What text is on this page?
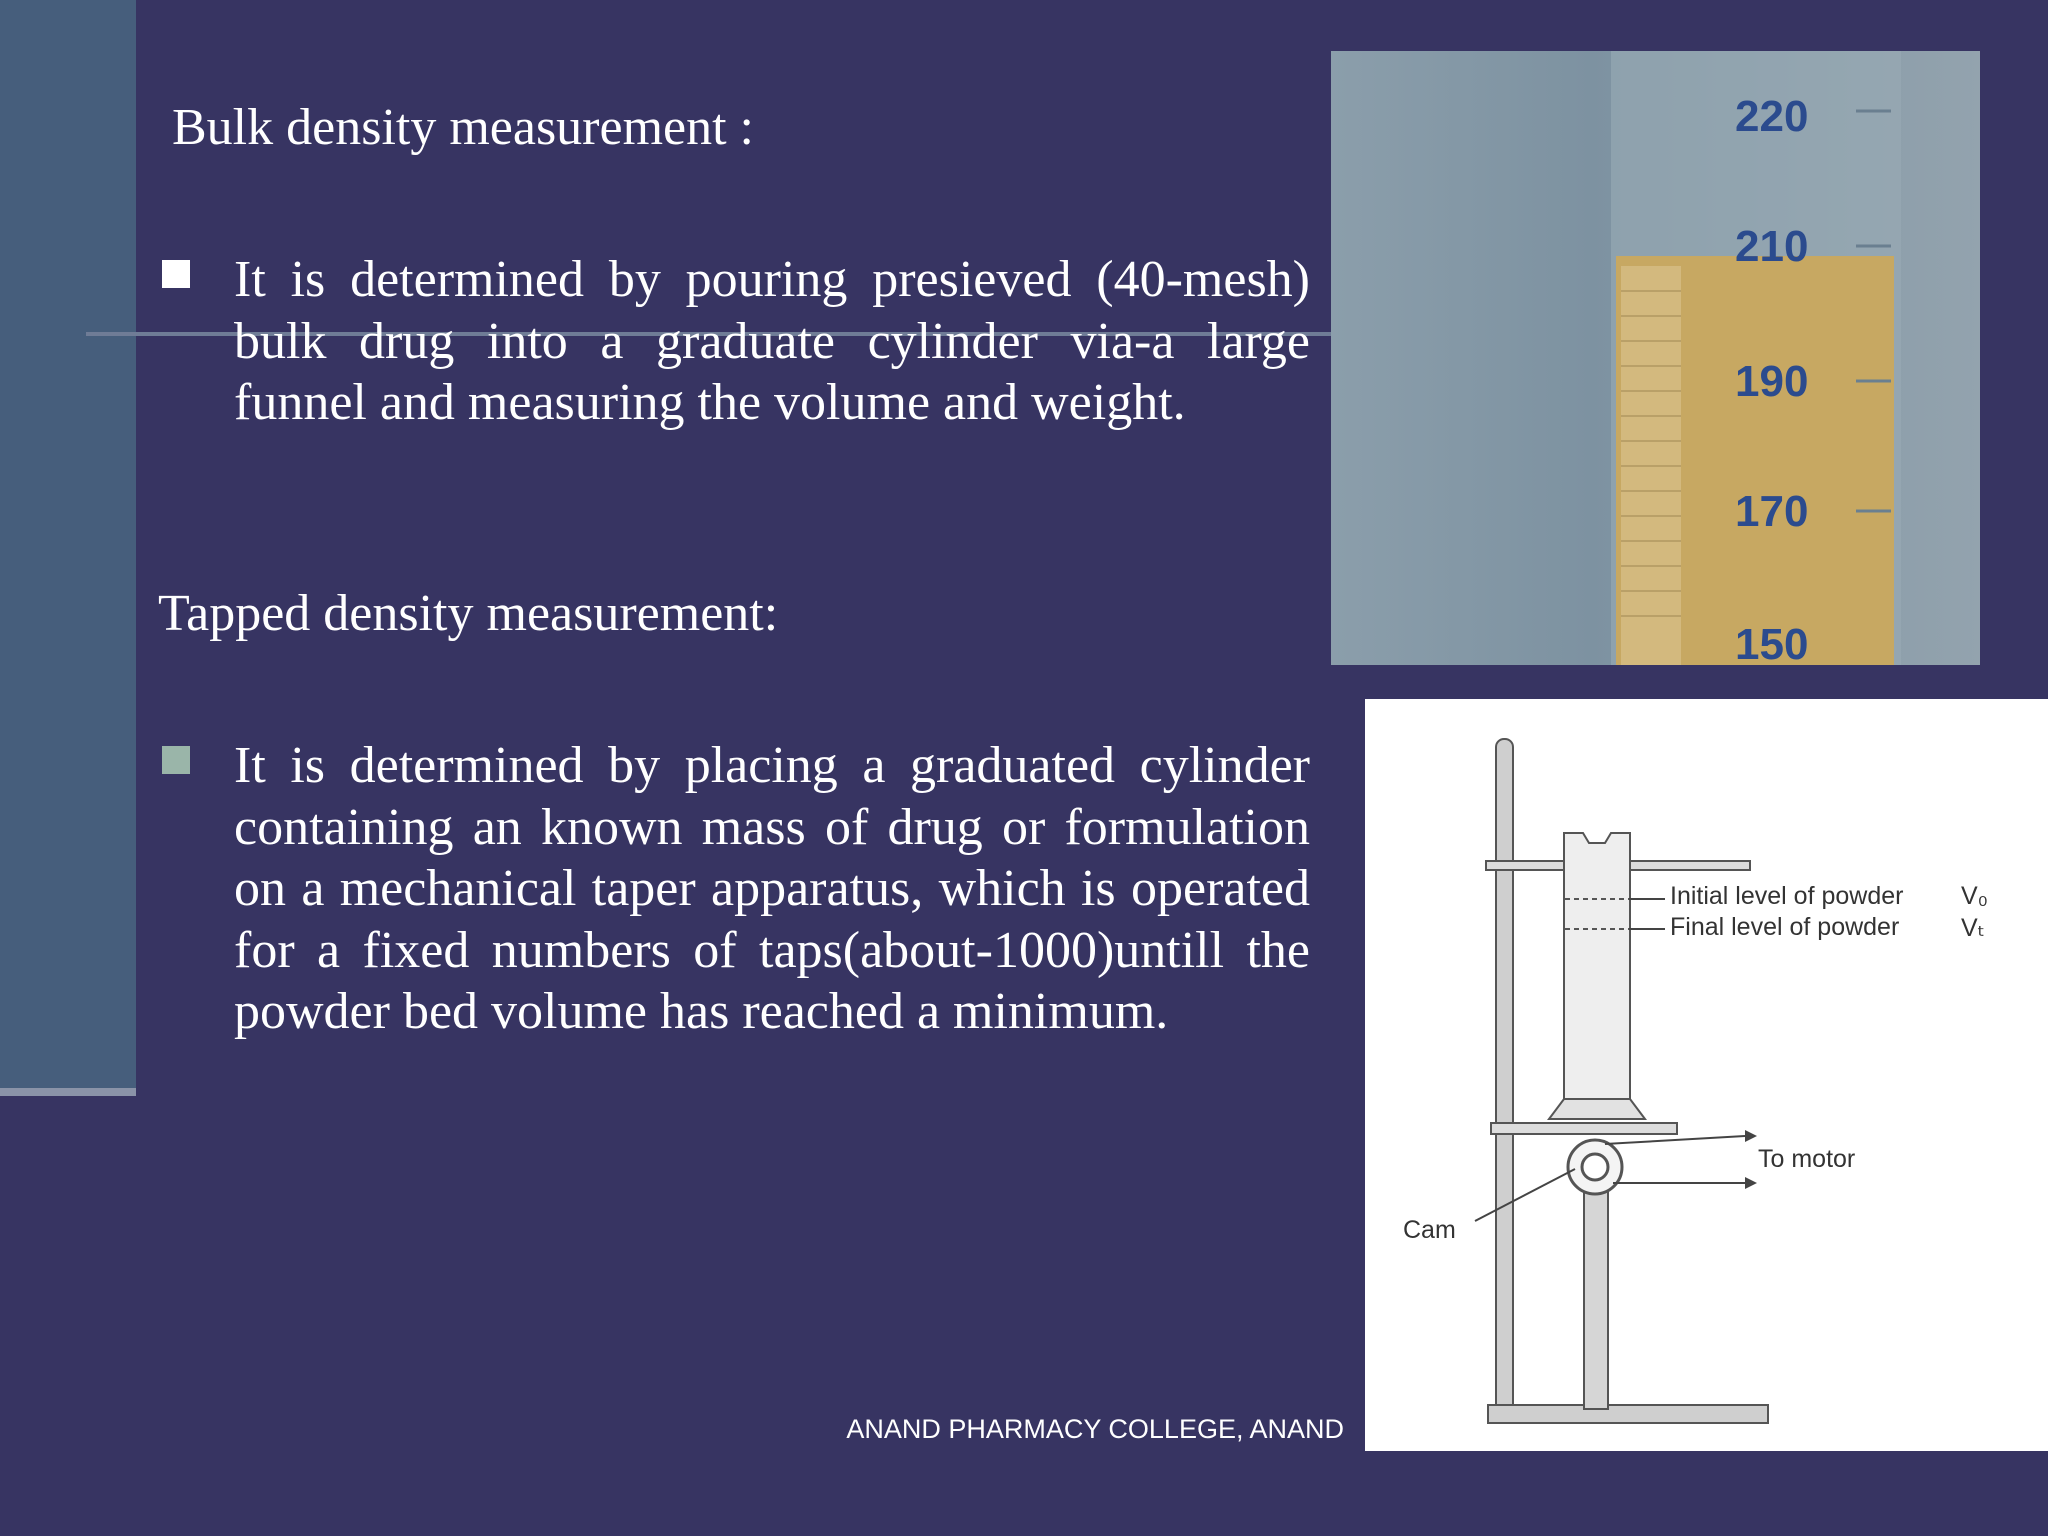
Bulk density measurement :
It is determined by pouring presieved (40-mesh) bulk drug into a graduate cylinder via-a large funnel and measuring the volume and weight.
Tapped density measurement:
It is determined by placing a graduated cylinder containing an known mass of drug or formulation on a mechanical taper apparatus, which is operated for a fixed numbers of taps(about-1000)untill the powder bed volume has reached a minimum.
220
210
190
170
150
Initial level of powder V₀
Final level of powder Vₜ
To motor
Cam
ANAND PHARMACY COLLEGE, ANAND
